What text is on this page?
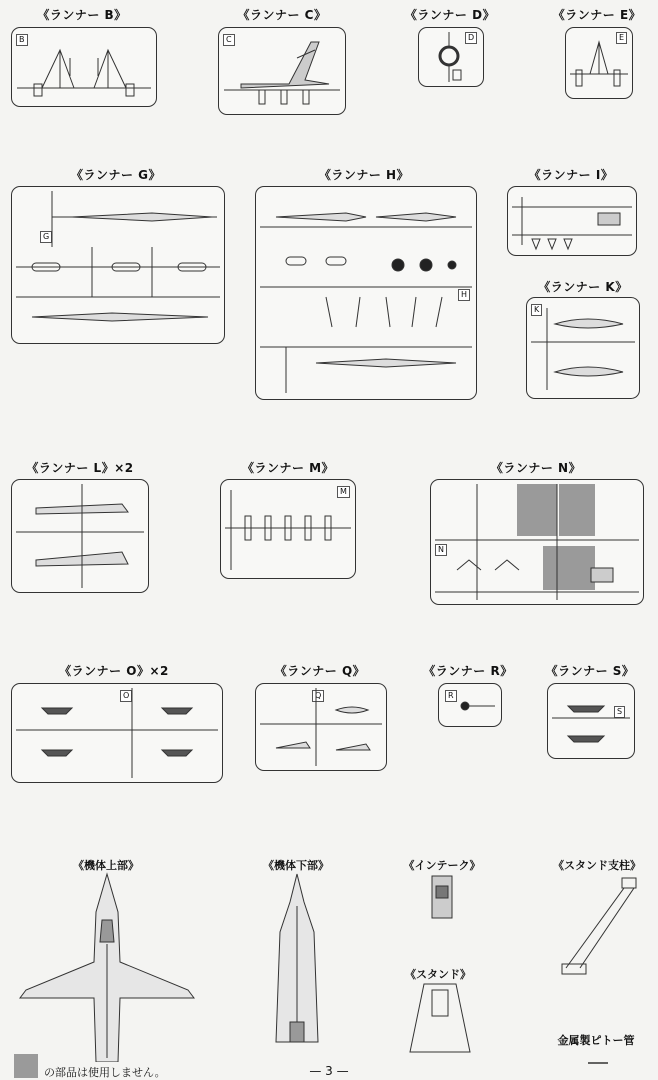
《ランナー B》
B
《ランナー C》
C
《ランナー D》
D
《ランナー E》
E
《ランナー G》
G
《ランナー H》
H
《ランナー I》
《ランナー K》
K
《ランナー L》×2	《ランナー M》
M
《ランナー N》
N
《ランナー O》×2
O
《ランナー Q》
Q
《ランナー R》
R
《ランナー S》
S
《機体上部》	《機体下部》	《インテーク》	《スタンド支柱》
《スタンド》
金属製ピトー管
の部品は使用しません。	— 3 —
